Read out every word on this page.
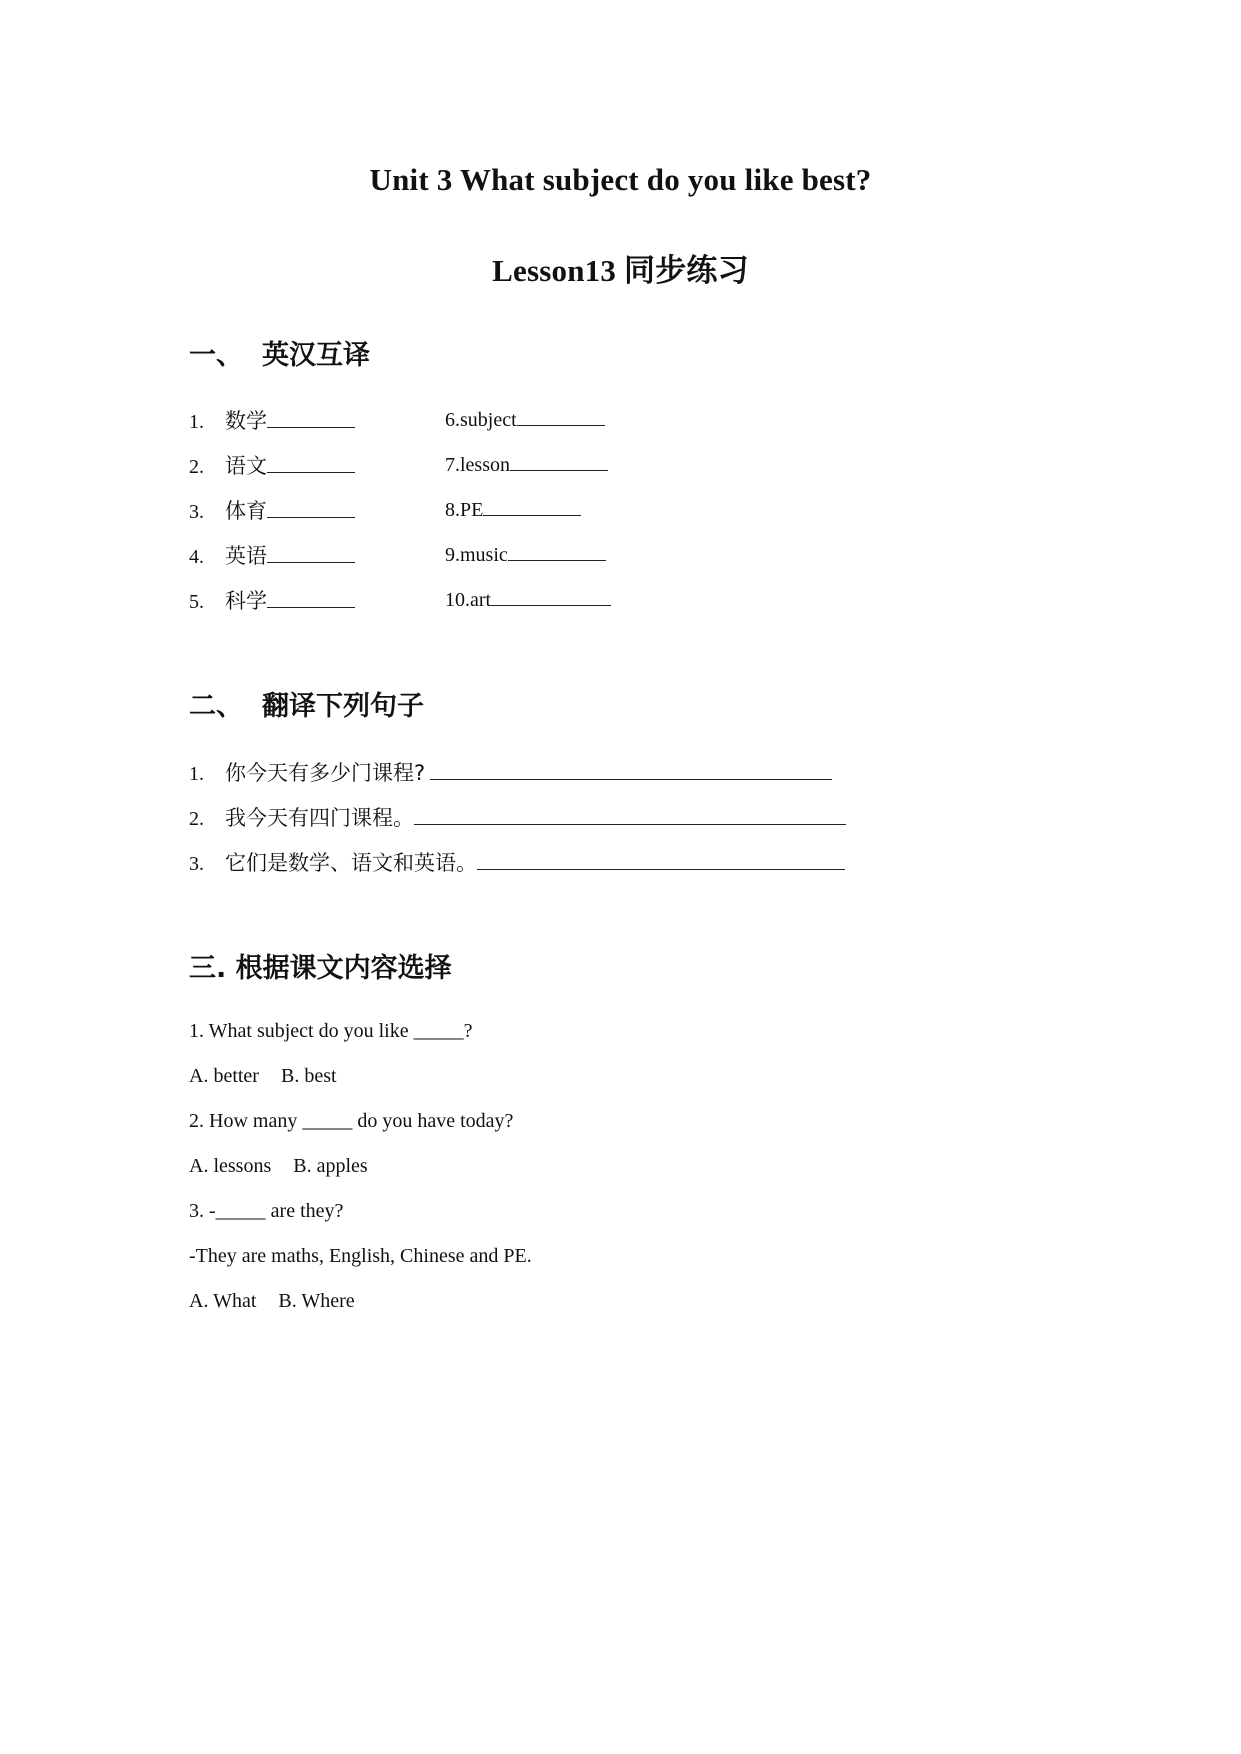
Unit 3 What subject do you like best?
Lesson13 同步练习
一、 英汉互译
1. 数学	6.subject
2. 语文	7.lesson
3. 体育	8.PE
4. 英语	9.music
5. 科学	10.art
二、 翻译下列句子
1. 你今天有多少门课程?
2. 我今天有四门课程。
3. 它们是数学、语文和英语。
三. 根据课文内容选择
1. What subject do you like _____?
A. better B. best
2. How many _____ do you have today?
A. lessons B. apples
3. -_____ are they?
-They are maths, English, Chinese and PE.
A. What B. Where
